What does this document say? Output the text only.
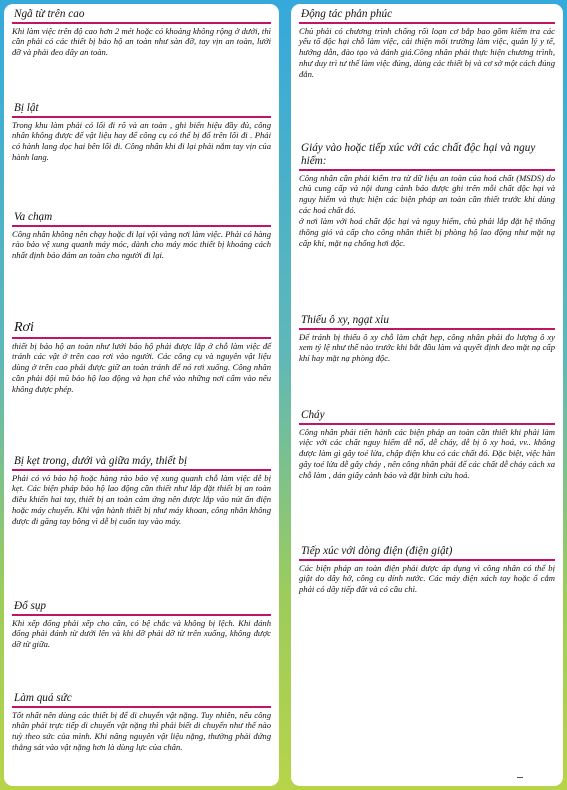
Ngã từ trên cao
Khi làm việc trên độ cao hơn 2 mét hoặc có khoảng không rộng ở dưới, thì cần phải có các thiết bị bảo hộ an toàn như sàn đỡ, tay vịn an toàn, lưới đỡ và phải đeo dây an toàn.
Bị lật
Trong khu làm phải có lối đi rõ và an toàn , ghi biển hiệu đầy đủ, công nhân không được để vật liệu hay để công cụ có thể bị đổ trên lối đi . Phải có hành lang dọc hai bên lối đi. Công nhân khi đi lại phải nắm tay vịn của hành lang.
Va chạm
Công nhân không nên chạy hoặc đi lại vội vàng nơi làm việc. Phải có hàng rào bảo vệ xung quanh máy móc, dành cho máy móc thiết bị khoảng cách nhất định bảo đảm an toàn cho người đi lại.
Rơi
thiết bị bảo hộ an toàn như lưới bảo hộ phải được lắp ở chỗ làm việc để tránh các vật ở trên cao rơi vào người. Các công cụ và nguyên vật liệu dùng ở trên cao phải được giữ an toàn tránh để nó rơi xuống. Công nhân cần phải đội mũ bảo hộ lao động và hạn chế vào những nơi cấm vào nếu không được phép.
Bị kẹt trong, dưới và giữa máy, thiết bị
Phải có vỏ bảo hộ hoặc hàng rào bảo vệ xung quanh chỗ làm việc dễ bị kẹt. Các biện pháp bảo hộ lao động cần thiết như lắp đặt thiết bị an toàn điều khiển hai tay, thiết bị an toàn cảm ứng nên được lắp vào nút ấn điện hoặc máy chuyển. Khi vận hành thiết bị như máy khoan, công nhân không được đi găng tay bông vì dễ bị cuốn tay vào máy.
Đổ sụp
Khi xếp đống phải xếp cho cân, có bệ chắc và không bị lệch. Khi đánh đống phải đánh từ dưới lên và khi dỡ phải dỡ từ trên xuống, không được dỡ từ giữa.
Làm quá sức
Tốt nhất nên dùng các thiết bị để di chuyển vật nặng. Tuy nhiên, nếu công nhân phải trực tiếp di chuyển vật nặng thì phải biết di chuyển như thế nào tuỳ theo sức của mình. Khi nâng nguyên vật liệu nặng, thường phải đứng thẳng sát vào vật nặng hơn là dùng lực của chân.
Động tác phản phúc
Chủ phải có chương trình chống rối loạn cơ bắp bao gồm kiểm tra các yếu tố độc hại chỗ làm việc, cải thiện môi trường làm việc, quản lý y tế, hướng dẫn, đào tạo và đánh giá.Công nhân phải thực hiện chương trình, như duy trì tư thế làm việc đúng, dùng các thiết bị và cơ sở một cách đúng đắn.
Giáy vào hoặc tiếp xúc với các chất độc hại và nguy hiểm:
Công nhân cần phải kiểm tra từ dữ liệu an toàn của hoá chất (MSDS) do chủ cung cấp và nội dung cảnh báo được ghi trên mỗi chất độc hại và nguy hiểm và thực hiện các biện pháp an toàn cần thiết trước khi dùng các hoá chất đó.
ở nơi làm với hoá chất độc hại và nguy hiểm, chủ phải lắp đặt hệ thống thông gió và cấp cho công nhân thiết bị phòng hộ lao động như mặt nạ cấp khí, mặt nạ chống hơi độc.
Thiếu ô xy, ngạt xỉu
Để tránh bị thiếu ô xy chỗ làm chật hẹp, công nhân phải đo lượng ô xy xem tỷ lệ như thế nào trước khi bắt đầu làm và quyết định đeo mặt nạ cấp khí hay mặt nạ phòng độc.
Cháy
Công nhân phải tiến hành các biện pháp an toàn cần thiết khi phải làm việc với các chất nguy hiểm dễ nổ, dễ cháy, dễ bị ô xy hoá, vv.. không được làm gì gây toé lửa, chập điện khu có các chất đó. Đặc biệt, việc hàn gây toé lửa dễ gây cháy , nên công nhân phải để các chất dễ cháy cách xa chỗ làm , dán giấy cảnh báo và đặt bình cứu hoả.
Tiếp xúc với dòng điện (điện giật)
Các biện pháp an toàn điện phải được áp dụng vì công nhân có thể bị giật do dây hở, công cụ dính nước. Các máy điện xách tay hoặc ổ cắm phải có dây tiếp đất và có cầu chì.
